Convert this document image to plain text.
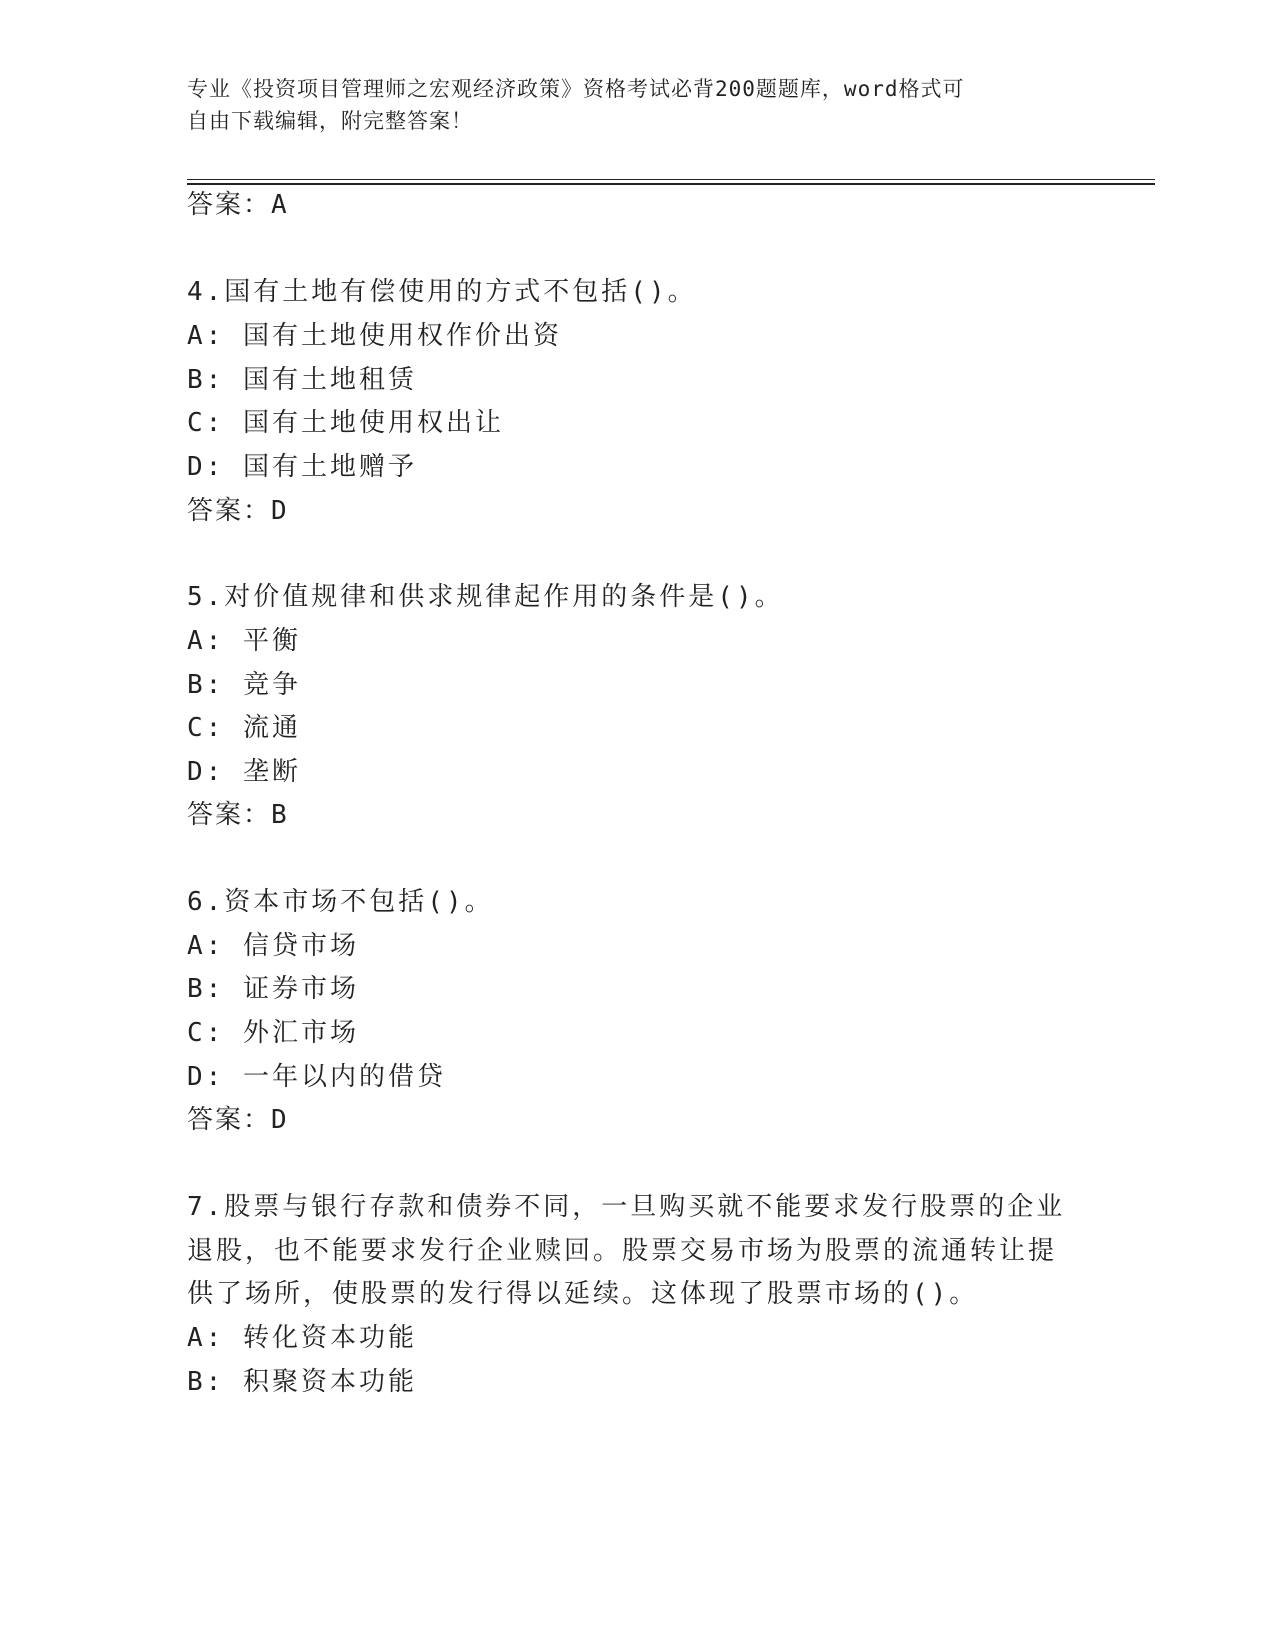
专业《投资项目管理师之宏观经济政策》资格考试必背200题题库，word格式可
自由下载编辑，附完整答案！
答案：A
4.国有土地有偿使用的方式不包括()。
A: 国有土地使用权作价出资
B: 国有土地租赁
C: 国有土地使用权出让
D: 国有土地赠予
答案：D
5.对价值规律和供求规律起作用的条件是()。
A: 平衡
B: 竞争
C: 流通
D: 垄断
答案：B
6.资本市场不包括()。
A: 信贷市场
B: 证券市场
C: 外汇市场
D: 一年以内的借贷
答案：D
7.股票与银行存款和债券不同，一旦购买就不能要求发行股票的企业
退股，也不能要求发行企业赎回。股票交易市场为股票的流通转让提
供了场所，使股票的发行得以延续。这体现了股票市场的()。
A: 转化资本功能
B: 积聚资本功能
